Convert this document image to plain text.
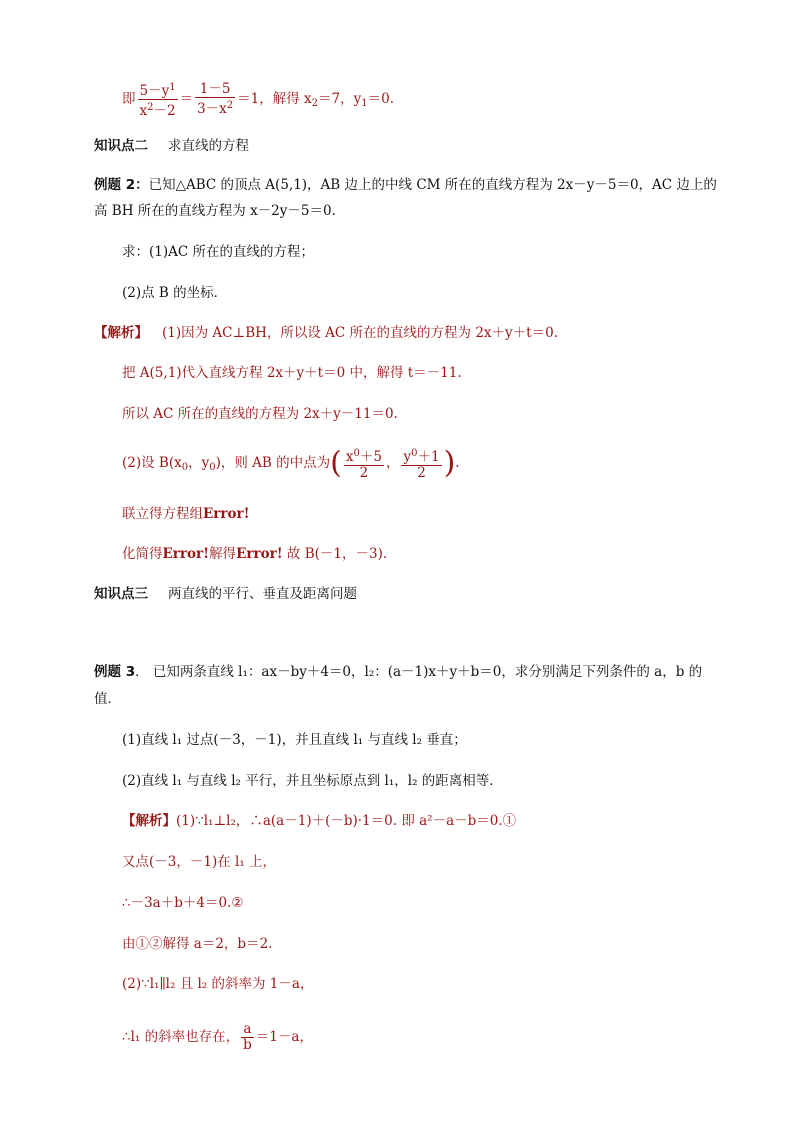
即 $\frac{5-y^1}{x^2-2} = \frac{1-5}{3-x^2} =1$，解得 $x_2=7$，$y_1=0$.
知识点二 求直线的方程
例题 2：已知△ABC 的顶点 A(5,1)，AB 边上的中线 CM 所在的直线方程为 2x－y－5＝0，AC 边上的
高 BH 所在的直线方程为 x－2y－5＝0.
求：(1)AC 所在的直线的方程；
(2)点 B 的坐标．
【解析】 (1)因为 AC⊥BH，所以设 AC 所在的直线的方程为 2x＋y＋t＝0.
把 A(5,1)代入直线方程 2x＋y＋t＝0 中，解得 t＝－11.
所以 AC 所在的直线的方程为 2x＋y－11＝0.
(2)设 $B(x_0$，$y_0$)，则 AB 的中点为( $\frac{x^0+5}{2}$ ， $\frac{y^0+1}{2}$ ).
联立得方程组Error!
化简得Error!解得Error! 故 B(－1，－3).
知识点三 两直线的平行、垂直及距离问题
例题 3． 已知两条直线 l₁：ax－by＋4＝0，l₂：(a－1)x＋y＋b＝0，求分别满足下列条件的 a，b 的
值．
(1)直线 l₁ 过点(－3，－1)，并且直线 l₁ 与直线 l₂ 垂直；
(2)直线 l₁ 与直线 l₂ 平行，并且坐标原点到 l₁，l₂ 的距离相等．
【解析】(1)∵l₁⊥l₂，∴a(a－1)＋(－b)·1＝0. 即 a²－a－b＝0.①
又点(－3，－1)在 l₁ 上，
∴－3a＋b＋4＝0.②
由①②解得 a＝2，b＝2.
(2)∵l₁∥l₂ 且 l₂ 的斜率为 1－a，
∴l₁ 的斜率也存在， $\frac{a}{b} =1-a$，
